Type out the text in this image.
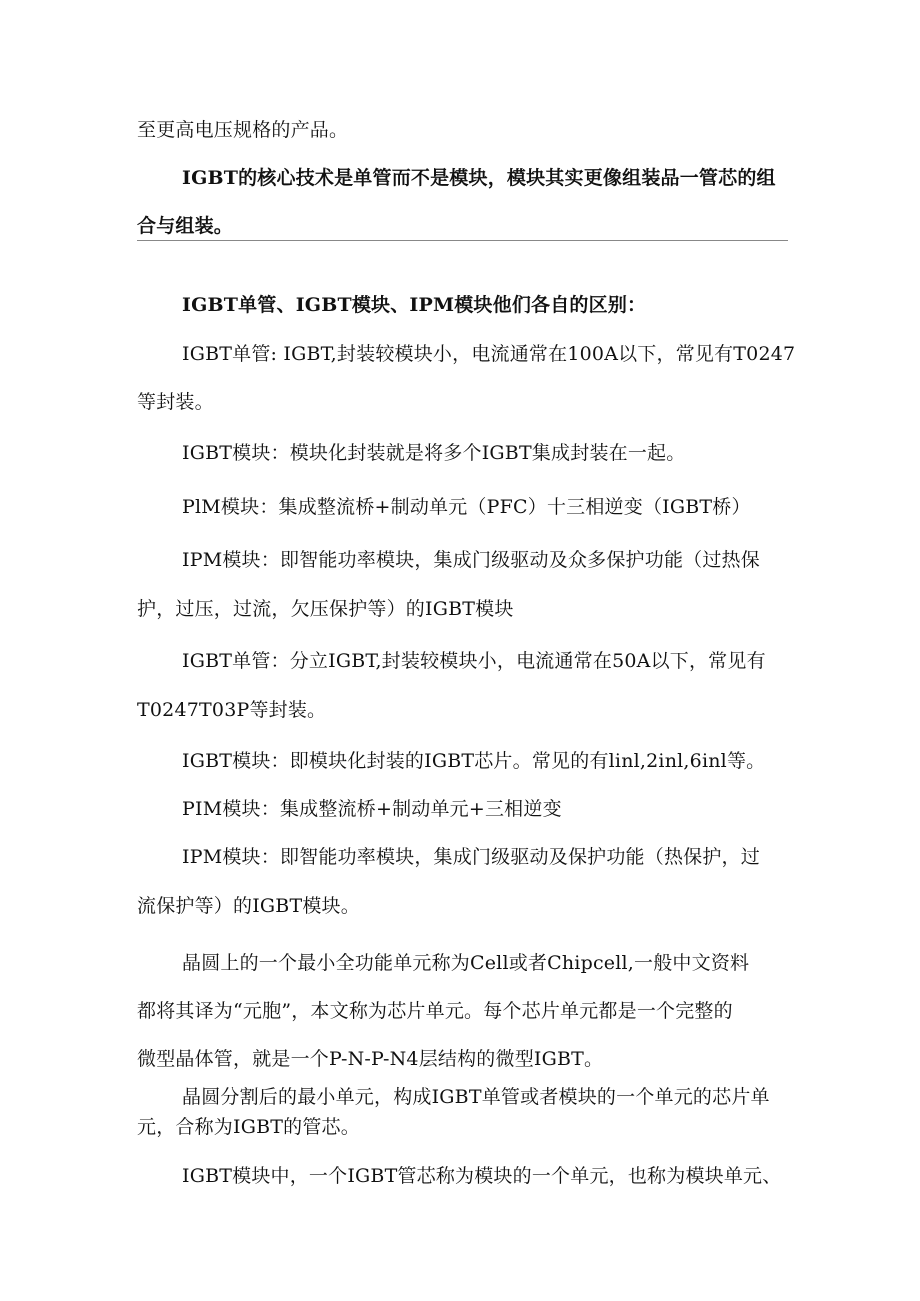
至更高电压规格的产品。
IGBT的核心技术是单管而不是模块，模块其实更像组装品一管芯的组
合与组装。
IGBT单管、IGBT模块、IPM模块他们各自的区别：
IGBT单管: IGBT,封装较模块小，电流通常在100A以下，常见有T0247
等封装。
IGBT模块：模块化封装就是将多个IGBT集成封装在一起。
PlM模块：集成整流桥+制动单元（PFC）十三相逆变（IGBT桥）
IPM模块：即智能功率模块，集成门级驱动及众多保护功能（过热保
护，过压，过流，欠压保护等）的IGBT模块
IGBT单管：分立IGBT,封装较模块小，电流通常在50A以下，常见有
T0247T03P等封装。
IGBT模块：即模块化封装的IGBT芯片。常见的有linl,2inl,6inl等。
PIM模块：集成整流桥+制动单元+三相逆变
IPM模块：即智能功率模块，集成门级驱动及保护功能（热保护，过
流保护等）的IGBT模块。
晶圆上的一个最小全功能单元称为Cell或者Chipcell,一般中文资料
都将其译为“元胞”，本文称为芯片单元。每个芯片单元都是一个完整的
微型晶体管，就是一个P-N-P-N4层结构的微型IGBT。
晶圆分割后的最小单元，构成IGBT单管或者模块的一个单元的芯片单
元，合称为IGBT的管芯。
IGBT模块中，一个IGBT管芯称为模块的一个单元，也称为模块单元、
